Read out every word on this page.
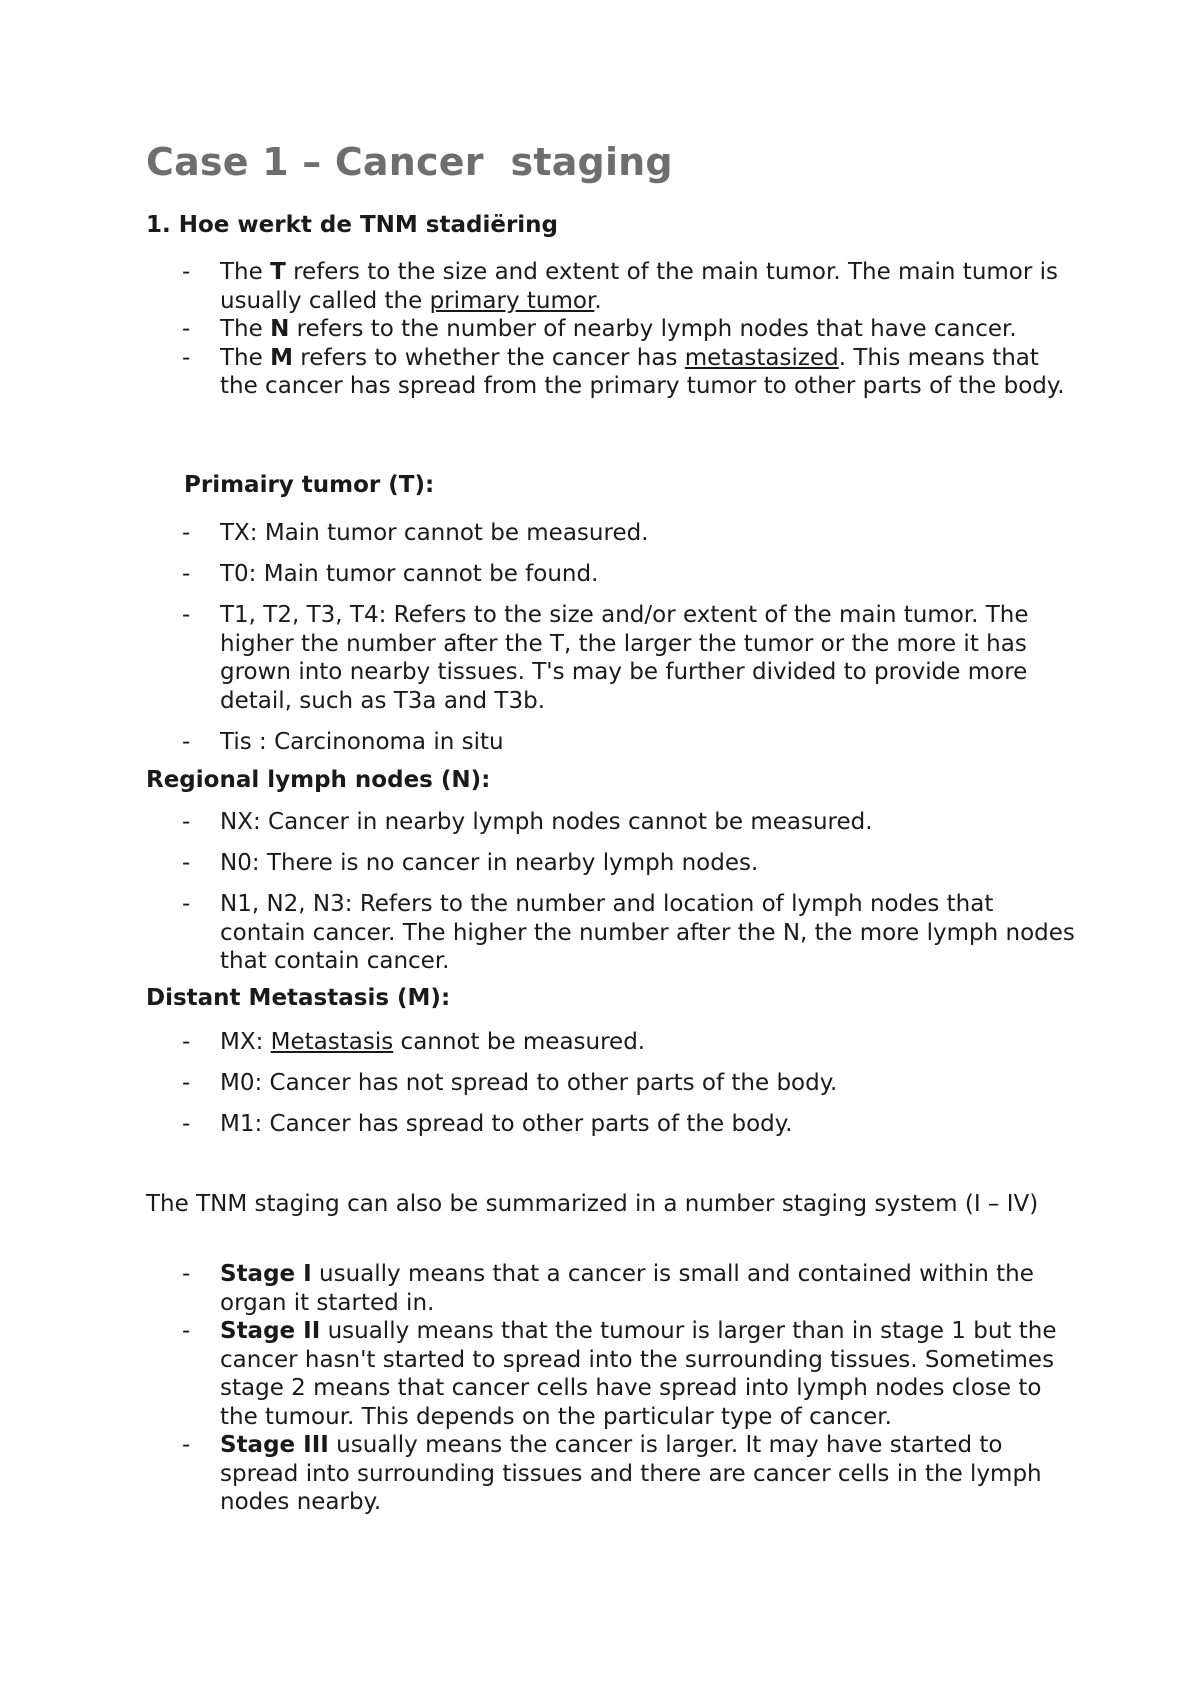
Case 1 – Cancer  staging
1. Hoe werkt de TNM stadiëring
- The T refers to the size and extent of the main tumor. The main tumor is usually called the primary tumor.
- The N refers to the number of nearby lymph nodes that have cancer.
- The M refers to whether the cancer has metastasized. This means that the cancer has spread from the primary tumor to other parts of the body.
Primairy tumor (T):
- TX: Main tumor cannot be measured.
- T0: Main tumor cannot be found.
- T1, T2, T3, T4: Refers to the size and/or extent of the main tumor. The higher the number after the T, the larger the tumor or the more it has grown into nearby tissues. T's may be further divided to provide more detail, such as T3a and T3b.
- Tis : Carcinonoma in situ
Regional lymph nodes (N):
- NX: Cancer in nearby lymph nodes cannot be measured.
- N0: There is no cancer in nearby lymph nodes.
- N1, N2, N3: Refers to the number and location of lymph nodes that contain cancer. The higher the number after the N, the more lymph nodes that contain cancer.
Distant Metastasis (M):
- MX: Metastasis cannot be measured.
- M0: Cancer has not spread to other parts of the body.
- M1: Cancer has spread to other parts of the body.

The TNM staging can also be summarized in a number staging system (I – IV)

- Stage I usually means that a cancer is small and contained within the organ it started in.
- Stage II usually means that the tumour is larger than in stage 1 but the cancer hasn't started to spread into the surrounding tissues. Sometimes stage 2 means that cancer cells have spread into lymph nodes close to the tumour. This depends on the particular type of cancer.
- Stage III usually means the cancer is larger. It may have started to spread into surrounding tissues and there are cancer cells in the lymph nodes nearby.
